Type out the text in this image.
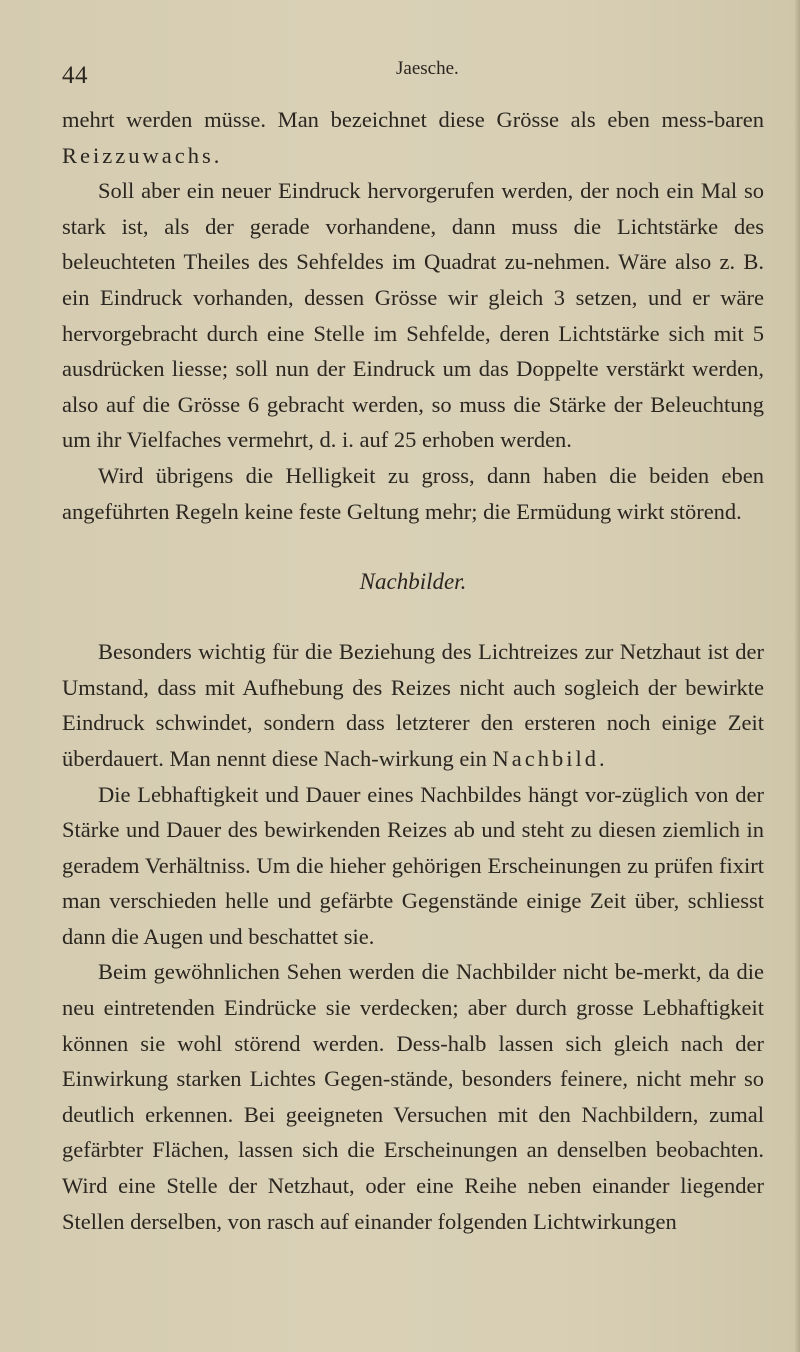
44	Jaesche.

mehrt werden müsse. Man bezeichnet diese Grösse als eben mess-baren Reizzuwachs.

Soll aber ein neuer Eindruck hervorgerufen werden, der noch ein Mal so stark ist, als der gerade vorhandene, dann muss die Lichtstärke des beleuchteten Theiles des Sehfeldes im Quadrat zu-nehmen. Wäre also z. B. ein Eindruck vorhanden, dessen Grösse wir gleich 3 setzen, und er wäre hervorgebracht durch eine Stelle im Sehfelde, deren Lichtstärke sich mit 5 ausdrücken liesse; soll nun der Eindruck um das Doppelte verstärkt werden, also auf die Grösse 6 gebracht werden, so muss die Stärke der Beleuchtung um ihr Vielfaches vermehrt, d. i. auf 25 erhoben werden.

Wird übrigens die Helligkeit zu gross, dann haben die beiden eben angeführten Regeln keine feste Geltung mehr; die Ermüdung wirkt störend.

Nachbilder.

Besonders wichtig für die Beziehung des Lichtreizes zur Netzhaut ist der Umstand, dass mit Aufhebung des Reizes nicht auch sogleich der bewirkte Eindruck schwindet, sondern dass letzterer den ersteren noch einige Zeit überdauert. Man nennt diese Nach-wirkung ein Nachbild.

Die Lebhaftigkeit und Dauer eines Nachbildes hängt vor-züglich von der Stärke und Dauer des bewirkenden Reizes ab und steht zu diesen ziemlich in geradem Verhältniss. Um die hieher gehörigen Erscheinungen zu prüfen fixirt man verschieden helle und gefärbte Gegenstände einige Zeit über, schliesst dann die Augen und beschattet sie.

Beim gewöhnlichen Sehen werden die Nachbilder nicht be-merkt, da die neu eintretenden Eindrücke sie verdecken; aber durch grosse Lebhaftigkeit können sie wohl störend werden. Dess-halb lassen sich gleich nach der Einwirkung starken Lichtes Gegen-stände, besonders feinere, nicht mehr so deutlich erkennen. Bei geeigneten Versuchen mit den Nachbildern, zumal gefärbter Flächen, lassen sich die Erscheinungen an denselben beobachten. Wird eine Stelle der Netzhaut, oder eine Reihe neben einander liegender Stellen derselben, von rasch auf einander folgenden Lichtwirkungen
